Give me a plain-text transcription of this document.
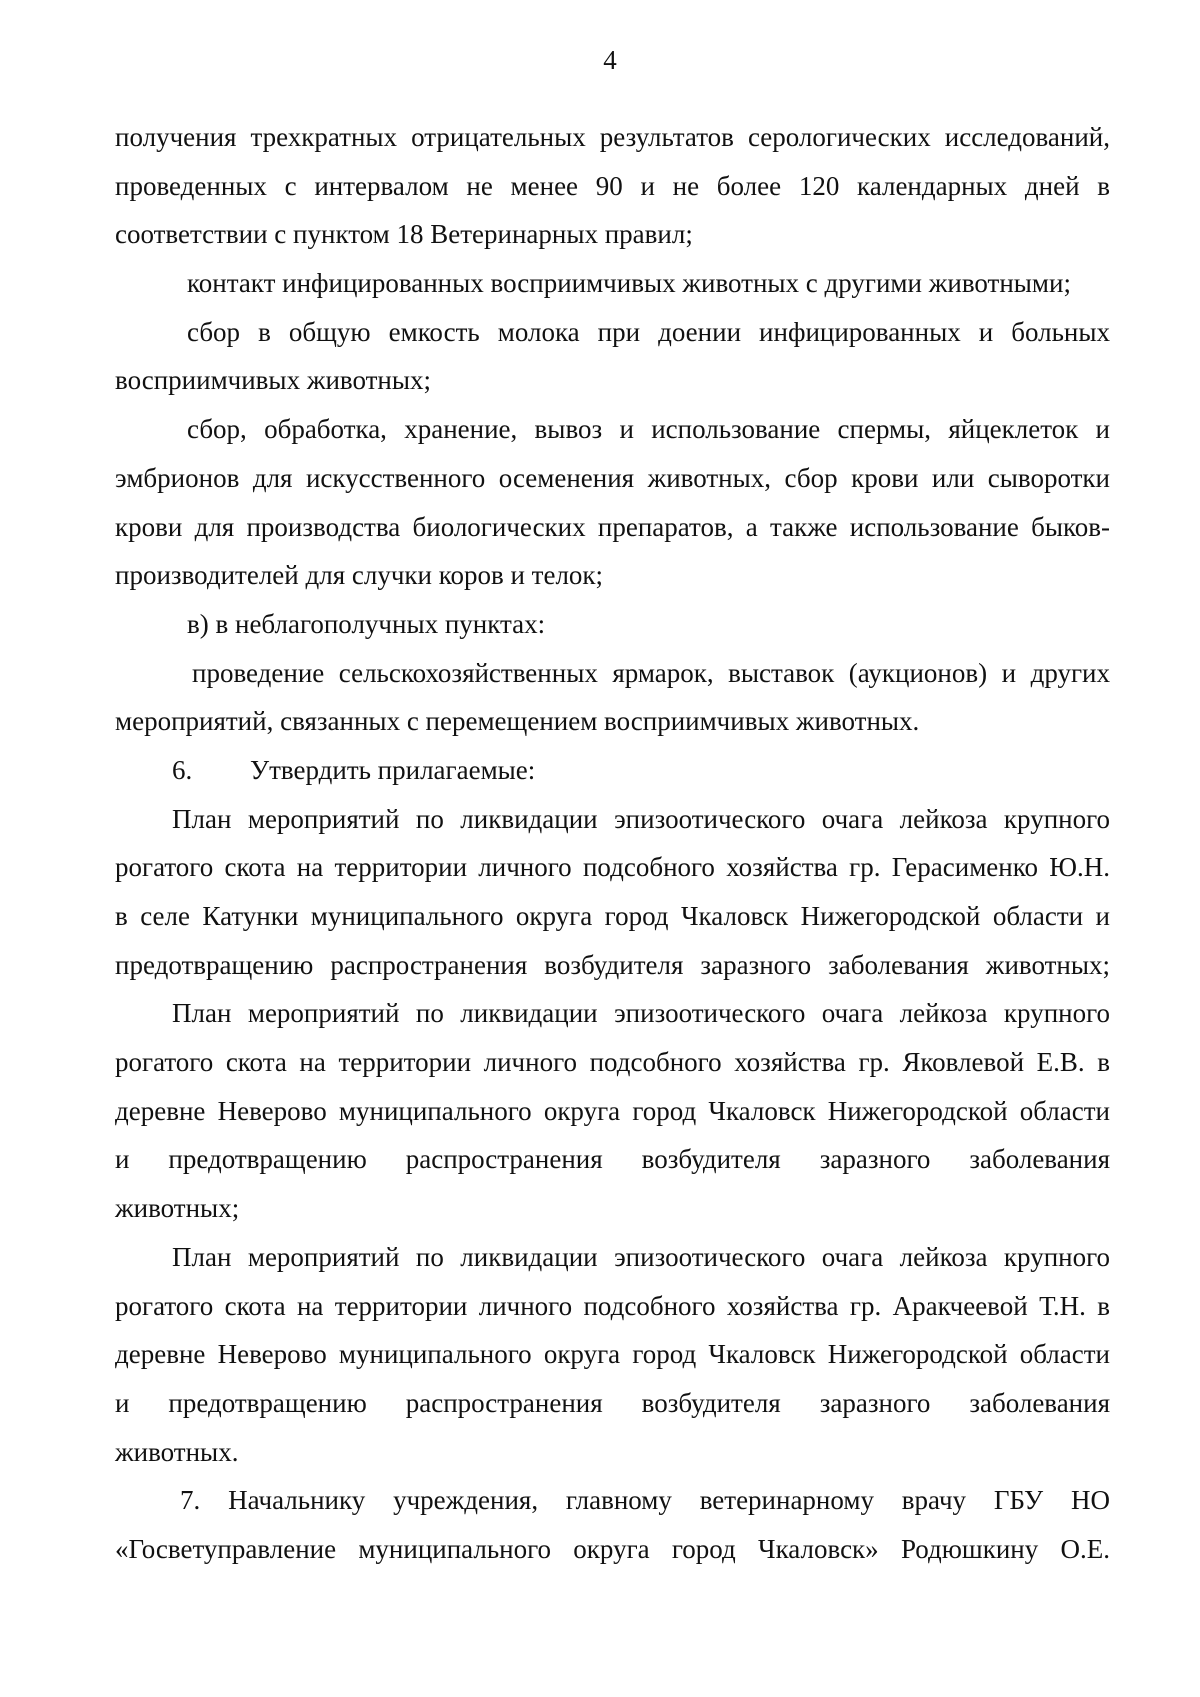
4
получения трехкратных отрицательных результатов серологических исследований,
проведенных с интервалом не менее 90 и не более 120 календарных дней в
соответствии с пунктом 18 Ветеринарных правил;
контакт инфицированных восприимчивых животных с другими животными;
сбор в общую емкость молока при доении инфицированных и больных
восприимчивых животных;
сбор, обработка, хранение, вывоз и использование спермы, яйцеклеток и
эмбрионов для искусственного осеменения животных, сбор крови или сыворотки
крови для производства биологических препаратов, а также использование быков-
производителей для случки коров и телок;
в) в неблагополучных пунктах:
проведение сельскохозяйственных ярмарок, выставок (аукционов) и других
мероприятий, связанных с перемещением восприимчивых животных.
6. Утвердить прилагаемые:
План мероприятий по ликвидации эпизоотического очага лейкоза крупного
рогатого скота на территории личного подсобного хозяйства гр. Герасименко Ю.Н.
в селе Катунки муниципального округа город Чкаловск Нижегородской области и
предотвращению распространения возбудителя заразного заболевания животных;
План мероприятий по ликвидации эпизоотического очага лейкоза крупного
рогатого скота на территории личного подсобного хозяйства гр. Яковлевой Е.В. в
деревне Неверово муниципального округа город Чкаловск Нижегородской области
и предотвращению распространения возбудителя заразного заболевания
животных;
План мероприятий по ликвидации эпизоотического очага лейкоза крупного
рогатого скота на территории личного подсобного хозяйства гр. Аракчеевой Т.Н. в
деревне Неверово муниципального округа город Чкаловск Нижегородской области
и предотвращению распространения возбудителя заразного заболевания
животных.
7. Начальнику учреждения, главному ветеринарному врачу ГБУ НО
«Госветуправление муниципального округа город Чкаловск» Родюшкину О.Е.
